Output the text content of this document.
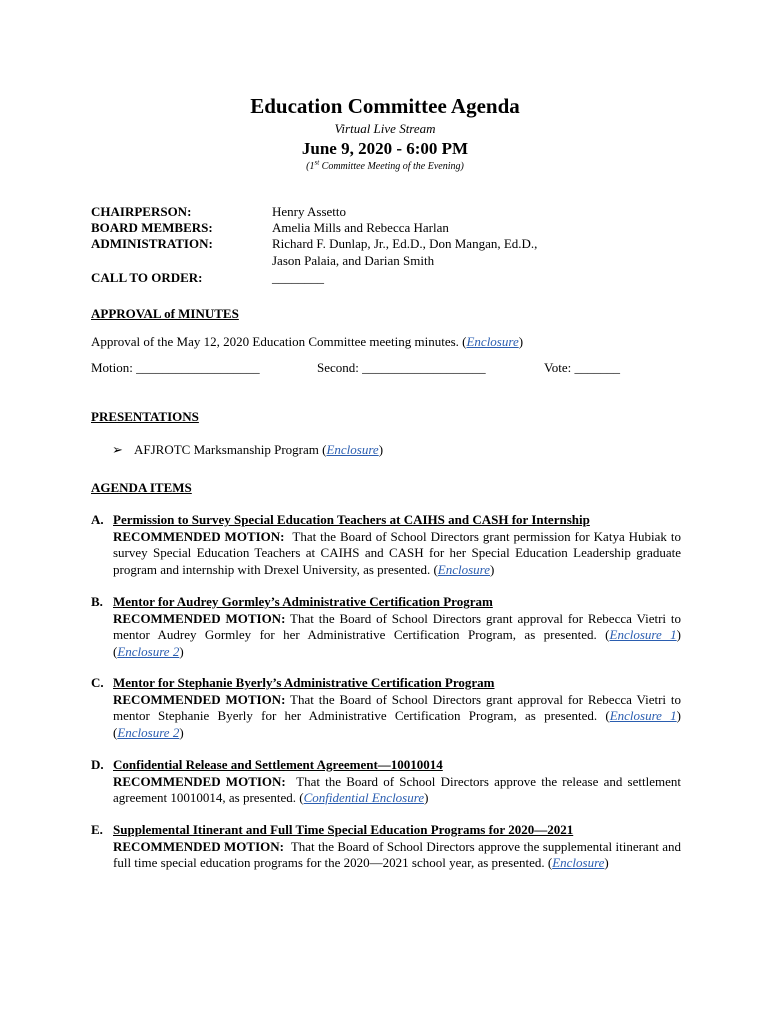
Education Committee Agenda
Virtual Live Stream
June 9, 2020 - 6:00 PM
(1st Committee Meeting of the Evening)
CHAIRPERSON:	Henry Assetto
BOARD MEMBERS:	Amelia Mills and Rebecca Harlan
ADMINISTRATION:	Richard F. Dunlap, Jr., Ed.D., Don Mangan, Ed.D.,
Jason Palaia, and Darian Smith
CALL TO ORDER:	________
APPROVAL of MINUTES
Approval of the May 12, 2020 Education Committee meeting minutes. (Enclosure)
Motion: ___________________	Second: ___________________	Vote: _______
PRESENTATIONS
➢ AFJROTC Marksmanship Program (Enclosure)
AGENDA ITEMS
A. Permission to Survey Special Education Teachers at CAIHS and CASH for Internship
RECOMMENDED MOTION: That the Board of School Directors grant permission for Katya Hubiak to survey Special Education Teachers at CAIHS and CASH for her Special Education Leadership graduate program and internship with Drexel University, as presented. (Enclosure)
B. Mentor for Audrey Gormley’s Administrative Certification Program
RECOMMENDED MOTION: That the Board of School Directors grant approval for Rebecca Vietri to mentor Audrey Gormley for her Administrative Certification Program, as presented. (Enclosure 1) (Enclosure 2)
C. Mentor for Stephanie Byerly’s Administrative Certification Program
RECOMMENDED MOTION: That the Board of School Directors grant approval for Rebecca Vietri to mentor Stephanie Byerly for her Administrative Certification Program, as presented. (Enclosure 1) (Enclosure 2)
D. Confidential Release and Settlement Agreement—10010014
RECOMMENDED MOTION: That the Board of School Directors approve the release and settlement agreement 10010014, as presented. (Confidential Enclosure)
E. Supplemental Itinerant and Full Time Special Education Programs for 2020—2021
RECOMMENDED MOTION: That the Board of School Directors approve the supplemental itinerant and full time special education programs for the 2020—2021 school year, as presented. (Enclosure)
